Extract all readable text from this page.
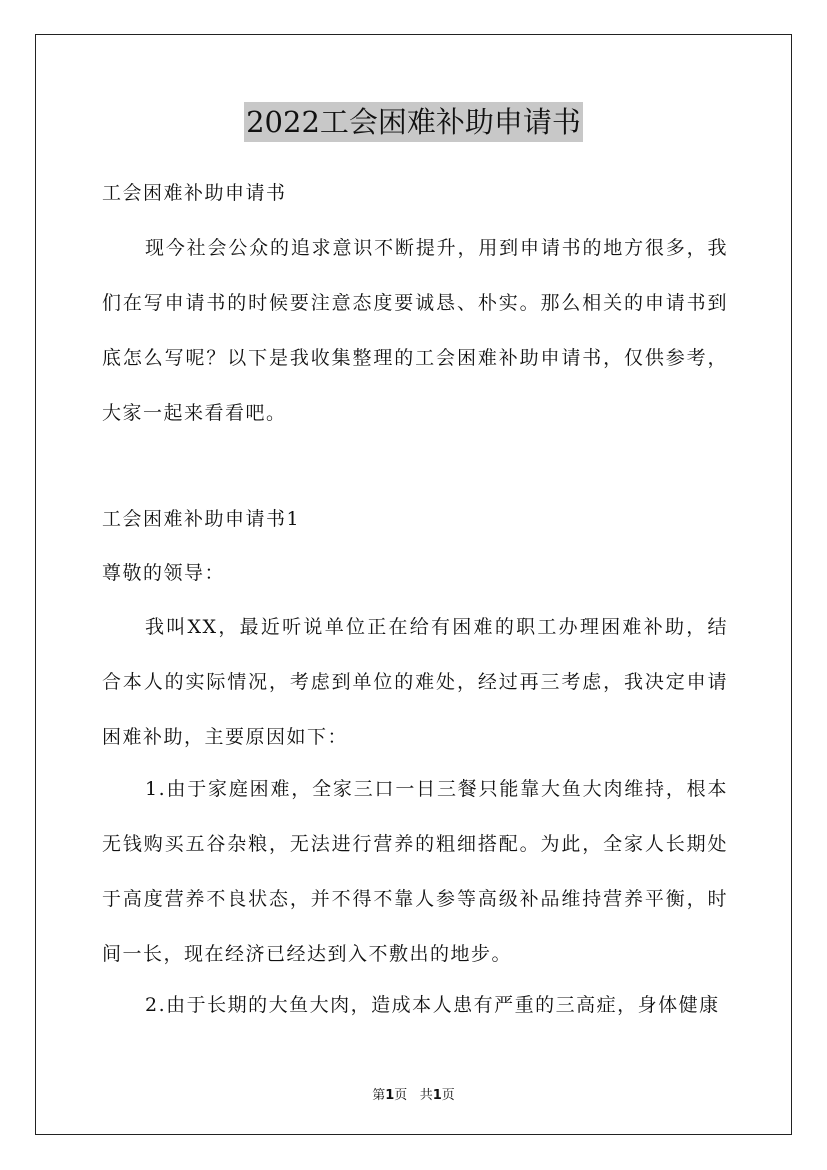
2022工会困难补助申请书

工会困难补助申请书

现今社会公众的追求意识不断提升，用到申请书的地方很多，我们在写申请书的时候要注意态度要诚恳、朴实。那么相关的申请书到底怎么写呢？以下是我收集整理的工会困难补助申请书，仅供参考，大家一起来看看吧。

工会困难补助申请书1

尊敬的领导：

我叫XX，最近听说单位正在给有困难的职工办理困难补助，结合本人的实际情况，考虑到单位的难处，经过再三考虑，我决定申请困难补助，主要原因如下：

1.由于家庭困难，全家三口一日三餐只能靠大鱼大肉维持，根本无钱购买五谷杂粮，无法进行营养的粗细搭配。为此，全家人长期处于高度营养不良状态，并不得不靠人参等高级补品维持营养平衡，时间一长，现在经济已经达到入不敷出的地步。

2.由于长期的大鱼大肉，造成本人患有严重的三高症，身体健康

第1页 共1页
